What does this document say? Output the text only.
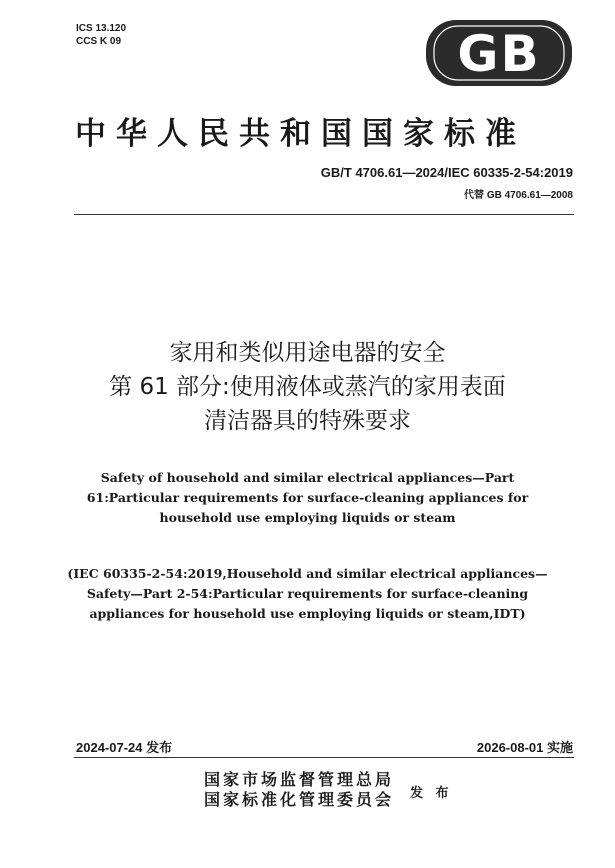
ICS 13.120
CCS K 09	GB
中华人民共和国国家标准
GB/T 4706.61—2024/IEC 60335-2-54:2019
代替 GB 4706.61—2008
家用和类似用途电器的安全
第 61 部分:使用液体或蒸汽的家用表面
清洁器具的特殊要求
Safety of household and similar electrical appliances—Part 61:Particular requirements for surface-cleaning appliances for household use employing liquids or steam
(IEC 60335-2-54:2019,Household and similar electrical appliances—Safety—Part 2-54:Particular requirements for surface-cleaning appliances for household use employing liquids or steam,IDT)
2024-07-24 发布	2026-08-01 实施
国家市场监督管理总局
国家标准化管理委员会 发 布
